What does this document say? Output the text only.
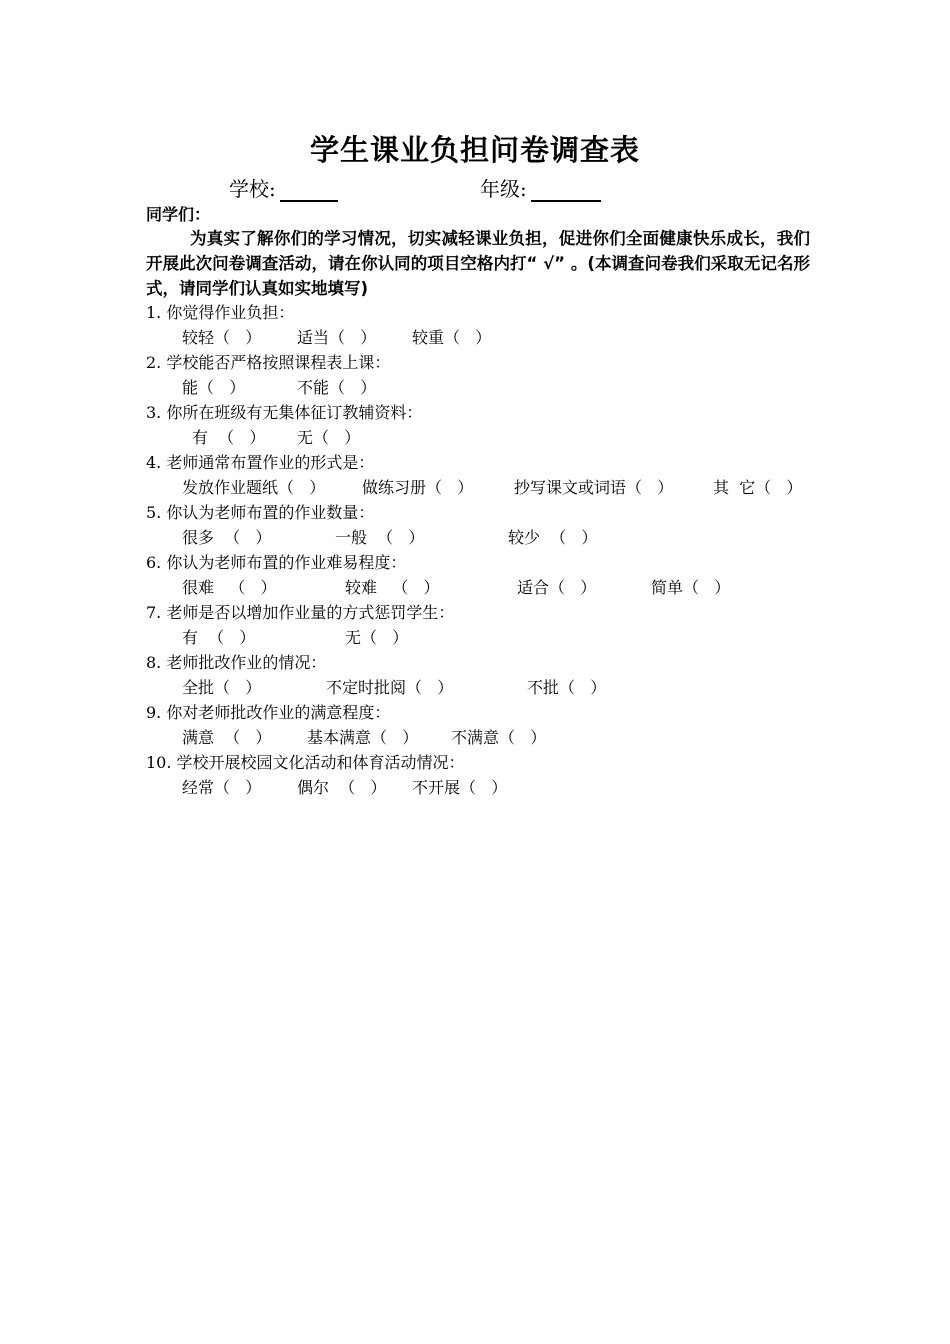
学生课业负担问卷调查表
学校:	年级:
同学们：
为真实了解你们的学习情况，切实减轻课业负担，促进你们全面健康快乐成长，我们开展此次问卷调查活动，请在你认同的项目空格内打“ √” 。(本调查问卷我们采取无记名形式，请同学们认真如实地填写)
1. 你觉得作业负担：
较轻（   ） 适当（   ） 较重（   ）
2. 学校能否严格按照课程表上课：
能（   ）	不能（   ）
3. 你所在班级有无集体征订教辅资料：
有  （   ） 无（   ）
4. 老师通常布置作业的形式是：
发放作业题纸（   ） 做练习册（   ）	抄写课文或词语（   ） 其  它（   ）
5. 你认为老师布置的作业数量：
很多  （   ）	一般  （   ）	较少  （   ）
6. 你认为老师布置的作业难易程度：
很难   （   ）	较难   （   ）	适合（   ）	简单（   ）
7. 老师是否以增加作业量的方式惩罚学生：
有  （   ）	无（   ）
8. 老师批改作业的情况：
全批（   ）	不定时批阅（   ）	不批（   ）
9. 你对老师批改作业的满意程度：
满意  （   ） 基本满意（   ） 不满意（   ）
10. 学校开展校园文化活动和体育活动情况：
经常（   ） 偶尔  （   ） 不开展（   ）
